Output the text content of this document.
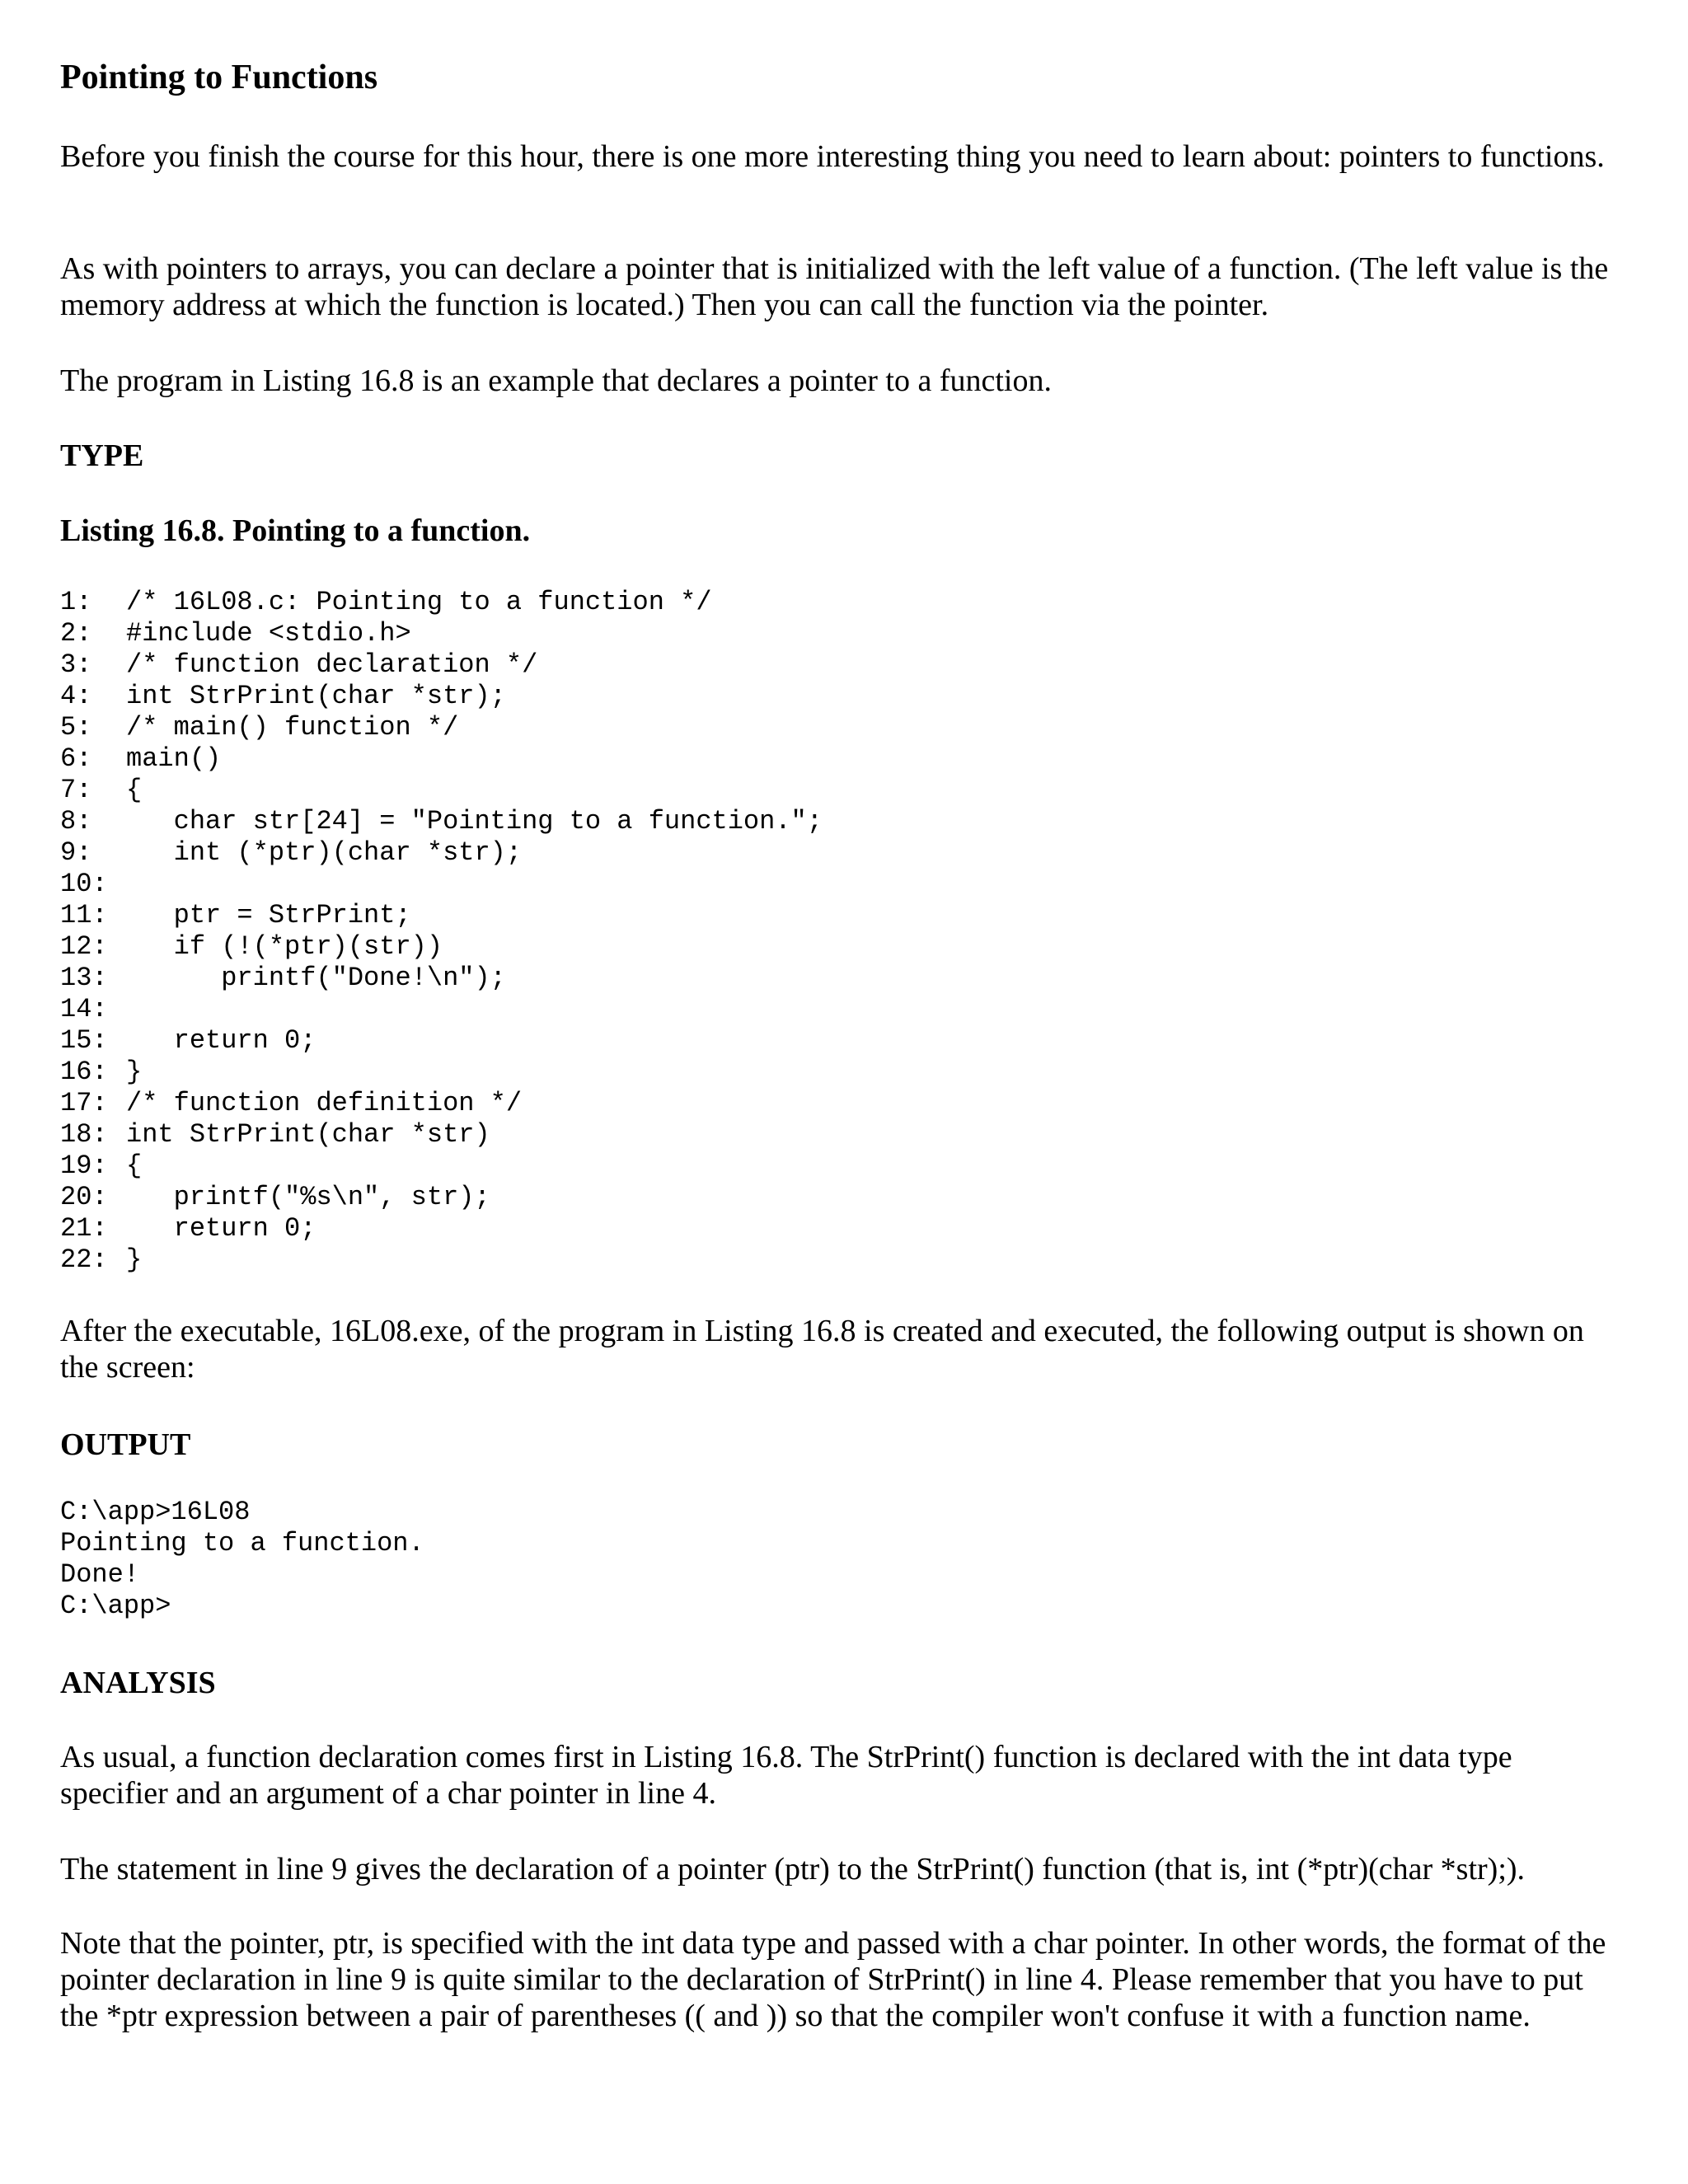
Pointing to Functions

Before you finish the course for this hour, there is one more interesting thing you need to learn about: pointers to functions.

As with pointers to arrays, you can declare a pointer that is initialized with the left value of a function. (The left value is the memory address at which the function is located.) Then you can call the function via the pointer.

The program in Listing 16.8 is an example that declares a pointer to a function.

TYPE
Listing 16.8. Pointing to a function.
1: /* 16L08.c: Pointing to a function */
2: #include <stdio.h>
3: /* function declaration */
4: int StrPrint(char *str);
5: /* main() function */
6: main()
7: {
8:   char str[24] = "Pointing to a function.";
9:   int (*ptr)(char *str);
10:
11:   ptr = StrPrint;
12:   if (!(*ptr)(str))
13:      printf("Done!\n");
14:
15:   return 0;
16: }
17: /* function definition */
18: int StrPrint(char *str)
19: {
20:   printf("%s\n", str);
21:   return 0;
22: }

After the executable, 16L08.exe, of the program in Listing 16.8 is created and executed, the following output is shown on the screen:

OUTPUT
C:\app>16L08
Pointing to a function.
Done!
C:\app>
ANALYSIS

As usual, a function declaration comes first in Listing 16.8. The StrPrint() function is declared with the int data type specifier and an argument of a char pointer in line 4.

The statement in line 9 gives the declaration of a pointer (ptr) to the StrPrint() function (that is, int (*ptr)(char *str);).

Note that the pointer, ptr, is specified with the int data type and passed with a char pointer. In other words, the format of the pointer declaration in line 9 is quite similar to the declaration of StrPrint() in line 4. Please remember that you have to put the *ptr expression between a pair of parentheses (( and )) so that the compiler won't confuse it with a function name.
